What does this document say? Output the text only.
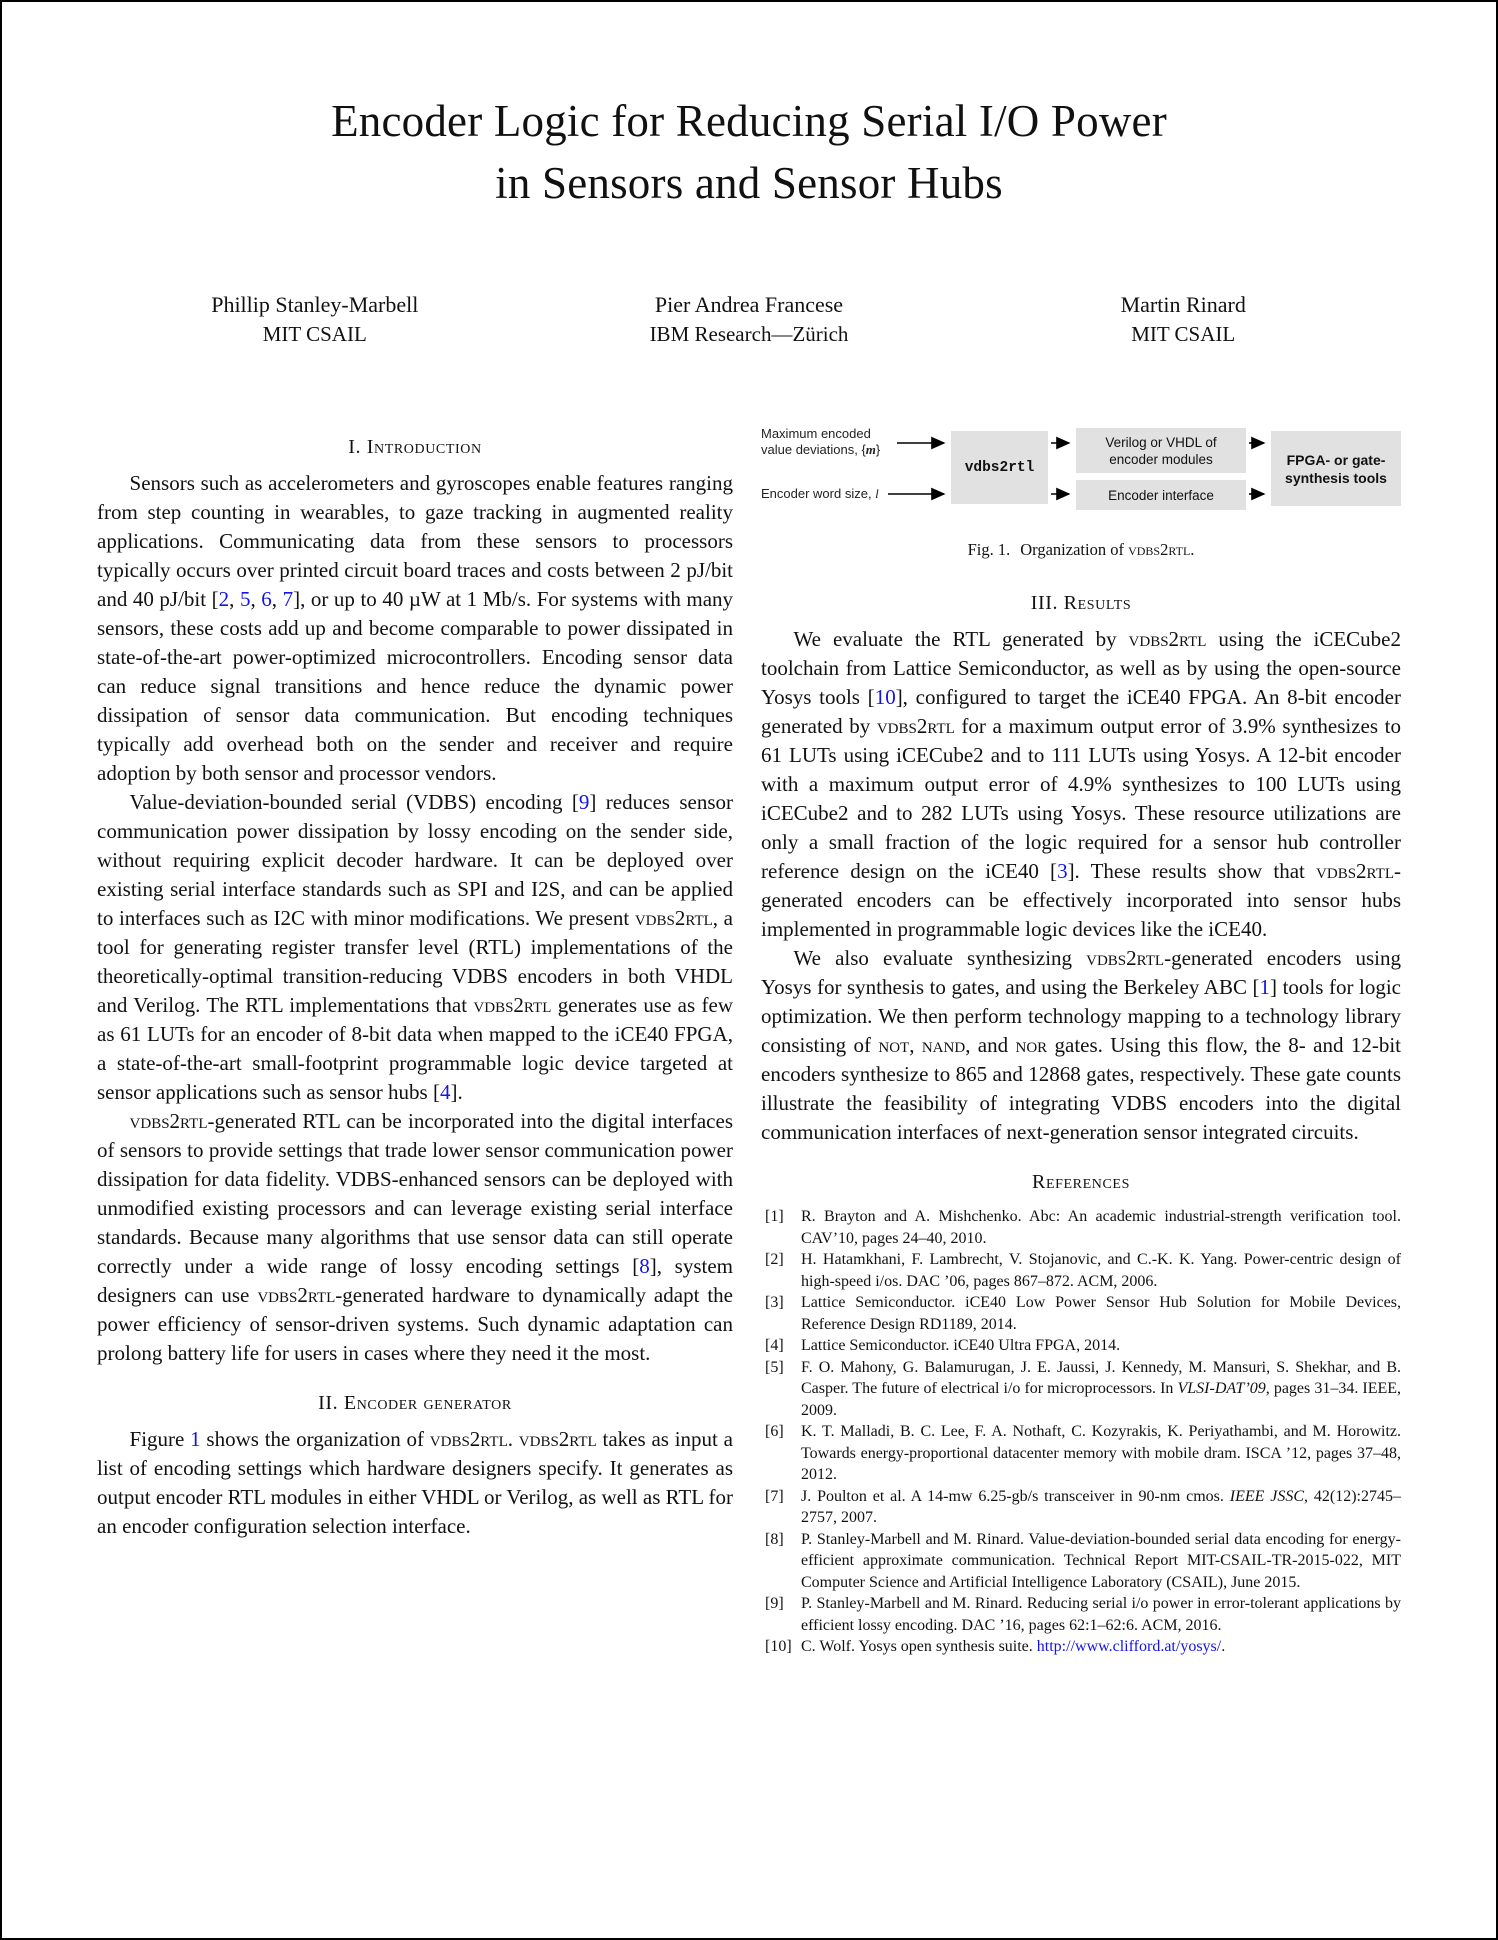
Encoder Logic for Reducing Serial I/O Power
in Sensors and Sensor Hubs
Phillip Stanley-Marbell
MIT CSAIL
Pier Andrea Francese
IBM Research—Zürich
Martin Rinard
MIT CSAIL
I. Introduction

Sensors such as accelerometers and gyroscopes enable features ranging from step counting in wearables, to gaze tracking in augmented reality applications. Communicating data from these sensors to processors typically occurs over printed circuit board traces and costs between 2 pJ/bit and 40 pJ/bit [2, 5, 6, 7], or up to 40 µW at 1 Mb/s. For systems with many sensors, these costs add up and become comparable to power dissipated in state-of-the-art power-optimized microcontrollers. Encoding sensor data can reduce signal transitions and hence reduce the dynamic power dissipation of sensor data communication. But encoding techniques typically add overhead both on the sender and receiver and require adoption by both sensor and processor vendors.

Value-deviation-bounded serial (VDBS) encoding [9] reduces sensor communication power dissipation by lossy encoding on the sender side, without requiring explicit decoder hardware. It can be deployed over existing serial interface standards such as SPI and I2S, and can be applied to interfaces such as I2C with minor modifications. We present vdbs2rtl, a tool for generating register transfer level (RTL) implementations of the theoretically-optimal transition-reducing VDBS encoders in both VHDL and Verilog. The RTL implementations that vdbs2rtl generates use as few as 61 LUTs for an encoder of 8-bit data when mapped to the iCE40 FPGA, a state-of-the-art small-footprint programmable logic device targeted at sensor applications such as sensor hubs [4].

vdbs2rtl-generated RTL can be incorporated into the digital interfaces of sensors to provide settings that trade lower sensor communication power dissipation for data fidelity. VDBS-enhanced sensors can be deployed with unmodified existing processors and can leverage existing serial interface standards. Because many algorithms that use sensor data can still operate correctly under a wide range of lossy encoding settings [8], system designers can use vdbs2rtl-generated hardware to dynamically adapt the power efficiency of sensor-driven systems. Such dynamic adaptation can prolong battery life for users in cases where they need it the most.

II. Encoder generator

Figure 1 shows the organization of vdbs2rtl. vdbs2rtl takes as input a list of encoding settings which hardware designers specify. It generates as output encoder RTL modules in either VHDL or Verilog, as well as RTL for an encoder configuration selection interface.

Maximum encoded value deviations, {m}
Encoder word size, l
vdbs2rtl
Verilog or VHDL of encoder modules
Encoder interface
FPGA- or gate-synthesis tools
Fig. 1. Organization of vdbs2rtl.
III. Results

We evaluate the RTL generated by vdbs2rtl using the iCECube2 toolchain from Lattice Semiconductor, as well as by using the open-source Yosys tools [10], configured to target the iCE40 FPGA. An 8-bit encoder generated by vdbs2rtl for a maximum output error of 3.9% synthesizes to 61 LUTs using iCECube2 and to 111 LUTs using Yosys. A 12-bit encoder with a maximum output error of 4.9% synthesizes to 100 LUTs using iCECube2 and to 282 LUTs using Yosys. These resource utilizations are only a small fraction of the logic required for a sensor hub controller reference design on the iCE40 [3]. These results show that vdbs2rtl-generated encoders can be effectively incorporated into sensor hubs implemented in programmable logic devices like the iCE40.

We also evaluate synthesizing vdbs2rtl-generated encoders using Yosys for synthesis to gates, and using the Berkeley ABC [1] tools for logic optimization. We then perform technology mapping to a technology library consisting of not, nand, and nor gates. Using this flow, the 8- and 12-bit encoders synthesize to 865 and 12868 gates, respectively. These gate counts illustrate the feasibility of integrating VDBS encoders into the digital communication interfaces of next-generation sensor integrated circuits.

References
[1]	R. Brayton and A. Mishchenko. Abc: An academic industrial-strength verification tool. CAV’10, pages 24–40, 2010.
[2]	H. Hatamkhani, F. Lambrecht, V. Stojanovic, and C.-K. K. Yang. Power-centric design of high-speed i/os. DAC ’06, pages 867–872. ACM, 2006.
[3]	Lattice Semiconductor. iCE40 Low Power Sensor Hub Solution for Mobile Devices, Reference Design RD1189, 2014.
[4]	Lattice Semiconductor. iCE40 Ultra FPGA, 2014.
[5]	F. O. Mahony, G. Balamurugan, J. E. Jaussi, J. Kennedy, M. Mansuri, S. Shekhar, and B. Casper. The future of electrical i/o for microprocessors. In VLSI-DAT’09, pages 31–34. IEEE, 2009.
[6]	K. T. Malladi, B. C. Lee, F. A. Nothaft, C. Kozyrakis, K. Periyathambi, and M. Horowitz. Towards energy-proportional datacenter memory with mobile dram. ISCA ’12, pages 37–48, 2012.
[7]	J. Poulton et al. A 14-mw 6.25-gb/s transceiver in 90-nm cmos. IEEE JSSC, 42(12):2745–2757, 2007.
[8]	P. Stanley-Marbell and M. Rinard. Value-deviation-bounded serial data encoding for energy-efficient approximate communication. Technical Report MIT-CSAIL-TR-2015-022, MIT Computer Science and Artificial Intelligence Laboratory (CSAIL), June 2015.
[9]	P. Stanley-Marbell and M. Rinard. Reducing serial i/o power in error-tolerant applications by efficient lossy encoding. DAC ’16, pages 62:1–62:6. ACM, 2016.
[10] C. Wolf. Yosys open synthesis suite. http://www.clifford.at/yosys/.
